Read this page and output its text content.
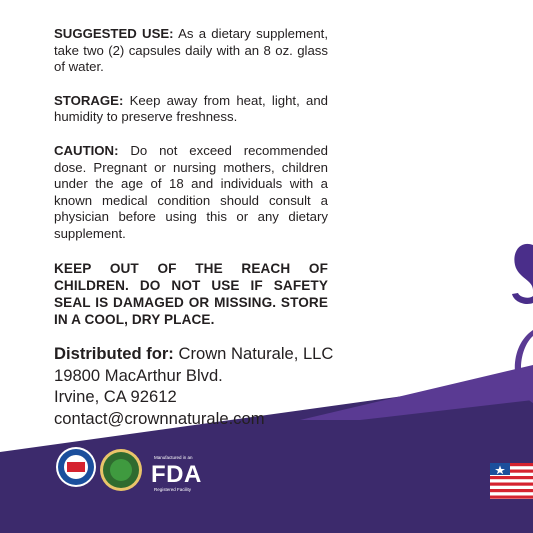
SUGGESTED USE: As a dietary supplement, take two (2) capsules daily with an 8 oz. glass of water.

STORAGE: Keep away from heat, light, and humidity to preserve freshness.

CAUTION: Do not exceed recommended dose. Pregnant or nursing mothers, children under the age of 18 and individuals with a known medical condition should consult a physician before using this or any dietary supplement.

KEEP OUT OF THE REACH OF CHILDREN. DO NOT USE IF SAFETY SEAL IS DAMAGED OR MISSING. STORE IN A COOL, DRY PLACE.

Distributed for: Crown Naturale, LLC
19800 MacArthur Blvd.
Irvine, CA 92612
contact@crownnaturale.com
Manufactured in an
FDA
Registered Facility
